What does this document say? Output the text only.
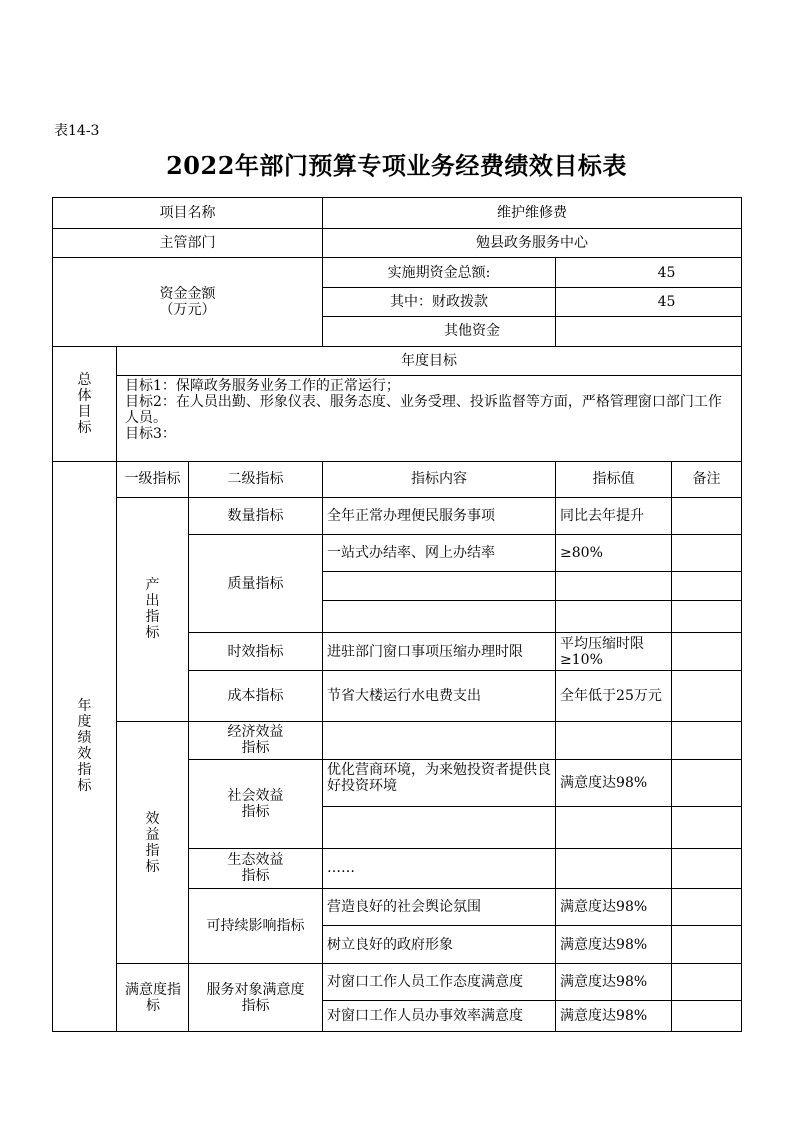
表14-3
2022年部门预算专项业务经费绩效目标表
项目名称			维护维修费		
主管部门			勉县政务服务中心		

资金金额
（万元）			实施期资金总额:	45	
			其中：财政拨款	45	
			其他资金		

总体目标	年度目标				

	目标1：保障政务服务业务工作的正常运行；
目标2：在人员出勤、形象仪表、服务态度、业务受理、投诉监督等方面，严格管理窗口部门工作人员。
目标3：				

年度绩效指标	一级指标	二级指标	指标内容	指标值	备注

	产出指标	数量指标	全年正常办理便民服务事项	同比去年提升	
		质量指标	一站式办结率、网上办结率	≥80%	

		时效指标	进驻部门窗口事项压缩办理时限	平均压缩时限≥10%	
		成本指标	节省大楼运行水电费支出	全年低于25万元	

	效益指标	经济效益指标			

		社会效益指标	优化营商环境，为来勉投资者提供良好投资环境	满意度达98%	

		生态效益指标	……		

		可持续影响指标	营造良好的社会舆论氛围	满意度达98%	
			树立良好的政府形象	满意度达98%	

	满意度指标	服务对象满意度指标	对窗口工作人员工作态度满意度	满意度达98%	
			对窗口工作人员办事效率满意度	满意度达98%	
